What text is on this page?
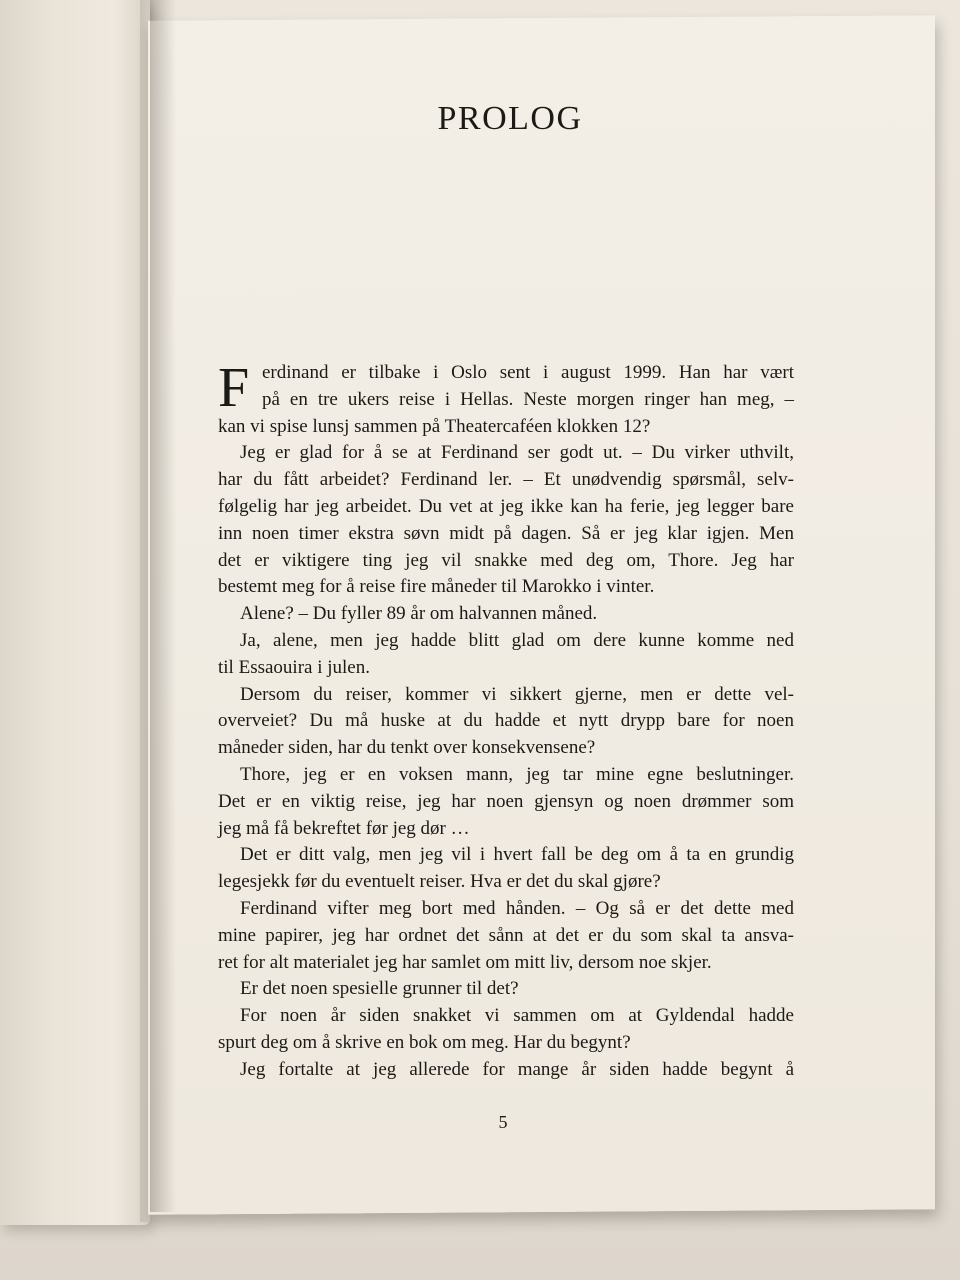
PROLOG
F erdinand er tilbake i Oslo sent i august 1999. Han har vært
på en tre ukers reise i Hellas. Neste morgen ringer han meg, –
kan vi spise lunsj sammen på Theatercaféen klokken 12?
Jeg er glad for å se at Ferdinand ser godt ut. – Du virker uthvilt,
har du fått arbeidet? Ferdinand ler. – Et unødvendig spørsmål, selv-
følgelig har jeg arbeidet. Du vet at jeg ikke kan ha ferie, jeg legger bare
inn noen timer ekstra søvn midt på dagen. Så er jeg klar igjen. Men
det er viktigere ting jeg vil snakke med deg om, Thore. Jeg har
bestemt meg for å reise fire måneder til Marokko i vinter.
Alene? – Du fyller 89 år om halvannen måned.
Ja, alene, men jeg hadde blitt glad om dere kunne komme ned
til Essaouira i julen.
Dersom du reiser, kommer vi sikkert gjerne, men er dette vel-
overveiet? Du må huske at du hadde et nytt drypp bare for noen
måneder siden, har du tenkt over konsekvensene?
Thore, jeg er en voksen mann, jeg tar mine egne beslutninger.
Det er en viktig reise, jeg har noen gjensyn og noen drømmer som
jeg må få bekreftet før jeg dør …
Det er ditt valg, men jeg vil i hvert fall be deg om å ta en grundig
legesjekk før du eventuelt reiser. Hva er det du skal gjøre?
Ferdinand vifter meg bort med hånden. – Og så er det dette med
mine papirer, jeg har ordnet det sånn at det er du som skal ta ansva-
ret for alt materialet jeg har samlet om mitt liv, dersom noe skjer.
Er det noen spesielle grunner til det?
For noen år siden snakket vi sammen om at Gyldendal hadde
spurt deg om å skrive en bok om meg. Har du begynt?
Jeg fortalte at jeg allerede for mange år siden hadde begynt å
5
